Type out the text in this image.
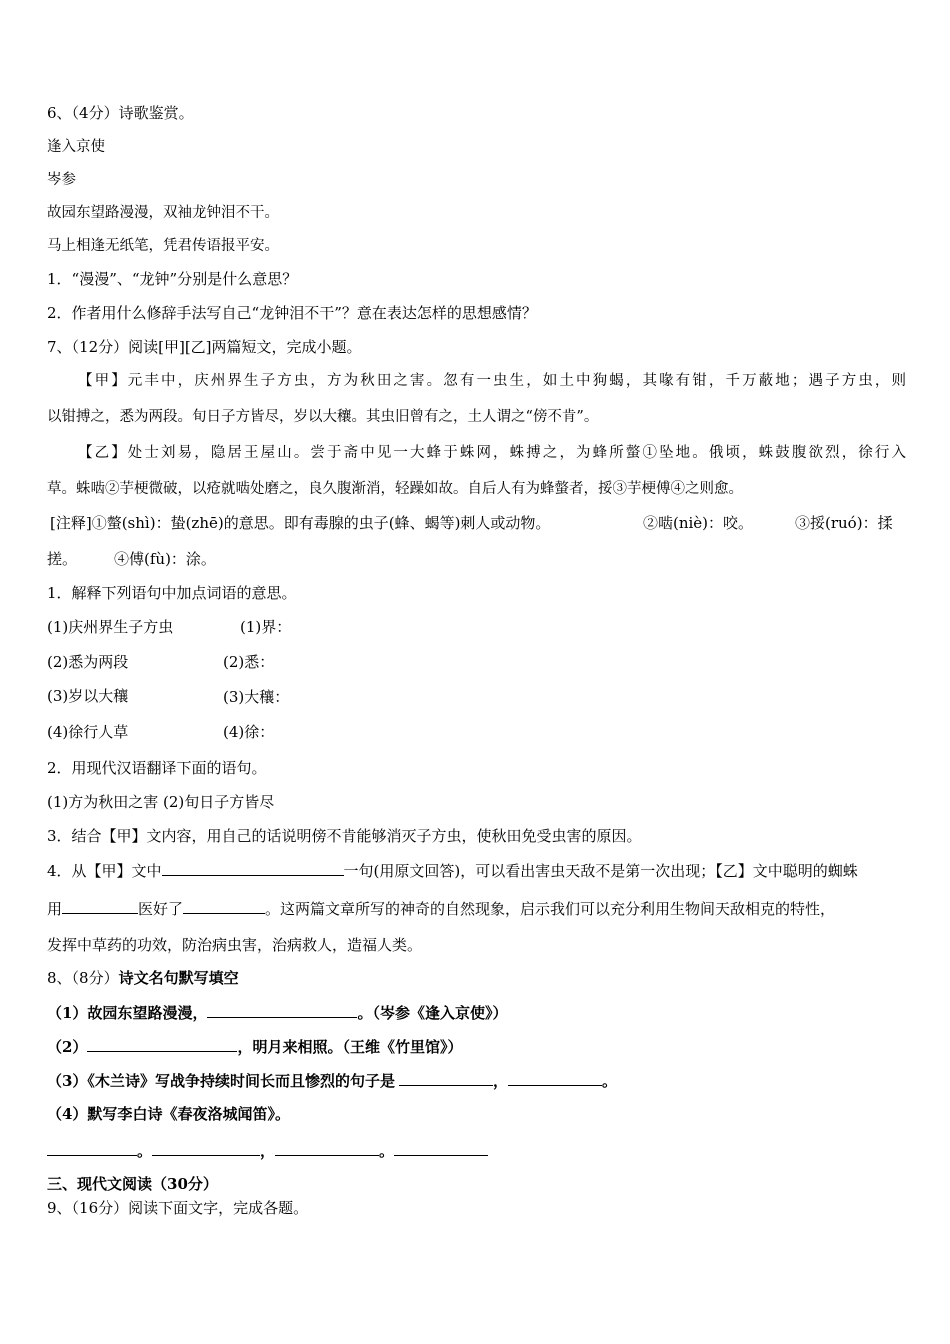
6、（4分）诗歌鉴赏。
逢入京使
岑参
故园东望路漫漫，双袖龙钟泪不干。
马上相逢无纸笔，凭君传语报平安。
1．“漫漫”、“龙钟”分别是什么意思？
2．作者用什么修辞手法写自己“龙钟泪不干”？意在表达怎样的思想感情？
7、（12分）阅读[甲][乙]两篇短文，完成小题。
【甲】元丰中，庆州界生子方虫，方为秋田之害。忽有一虫生，如土中狗蝎，其喙有钳，千万蔽地；遇子方虫，则
以钳搏之，悉为两段。旬日子方皆尽，岁以大穰。其虫旧曾有之，土人谓之“傍不肯”。
【乙】处士刘易，隐居王屋山。尝于斋中见一大蜂于蛛网，蛛搏之，为蜂所螫①坠地。俄顷，蛛鼓腹欲烈，徐行入
草。蛛啮②芋梗微破，以疮就啮处磨之，良久腹渐消，轻躁如故。自后人有为蜂螫者，挼③芋梗傅④之则愈。
[注释]①螫(shì)：蛰(zhē)的意思。即有毒腺的虫子(蜂、蝎等)刺人或动物。	②啮(niè)：咬。	③挼(ruó)：揉
搓。 ④傅(fù)：涂。
1．解释下列语句中加点词语的意思。
(1)庆州界生子方虫	(1)界：
(2)悉为两段	(2)悉：
(3)岁以大穰	(3)大穰：
(4)徐行人草	(4)徐：
2．用现代汉语翻译下面的语句。
(1)方为秋田之害 (2)旬日子方皆尽
3．结合【甲】文内容，用自己的话说明傍不肯能够消灭子方虫，使秋田免受虫害的原因。
4．从【甲】文中	一句(用原文回答)，可以看出害虫天敌不是第一次出现；【乙】文中聪明的蜘蛛
用	医好了	。这两篇文章所写的神奇的自然现象，启示我们可以充分利用生物间天敌相克的特性，
发挥中草药的功效，防治病虫害，治病救人，造福人类。
8、（8分）诗文名句默写填空
（1）故园东望路漫漫，	。（岑参《逢入京使》）
（2）	，明月来相照。（王维《竹里馆》）
（3）《木兰诗》写战争持续时间长而且惨烈的句子是	，	。
（4）默写李白诗《春夜洛城闻笛》。
。	，	。
三、现代文阅读（30分）
9、（16分）阅读下面文字，完成各题。
